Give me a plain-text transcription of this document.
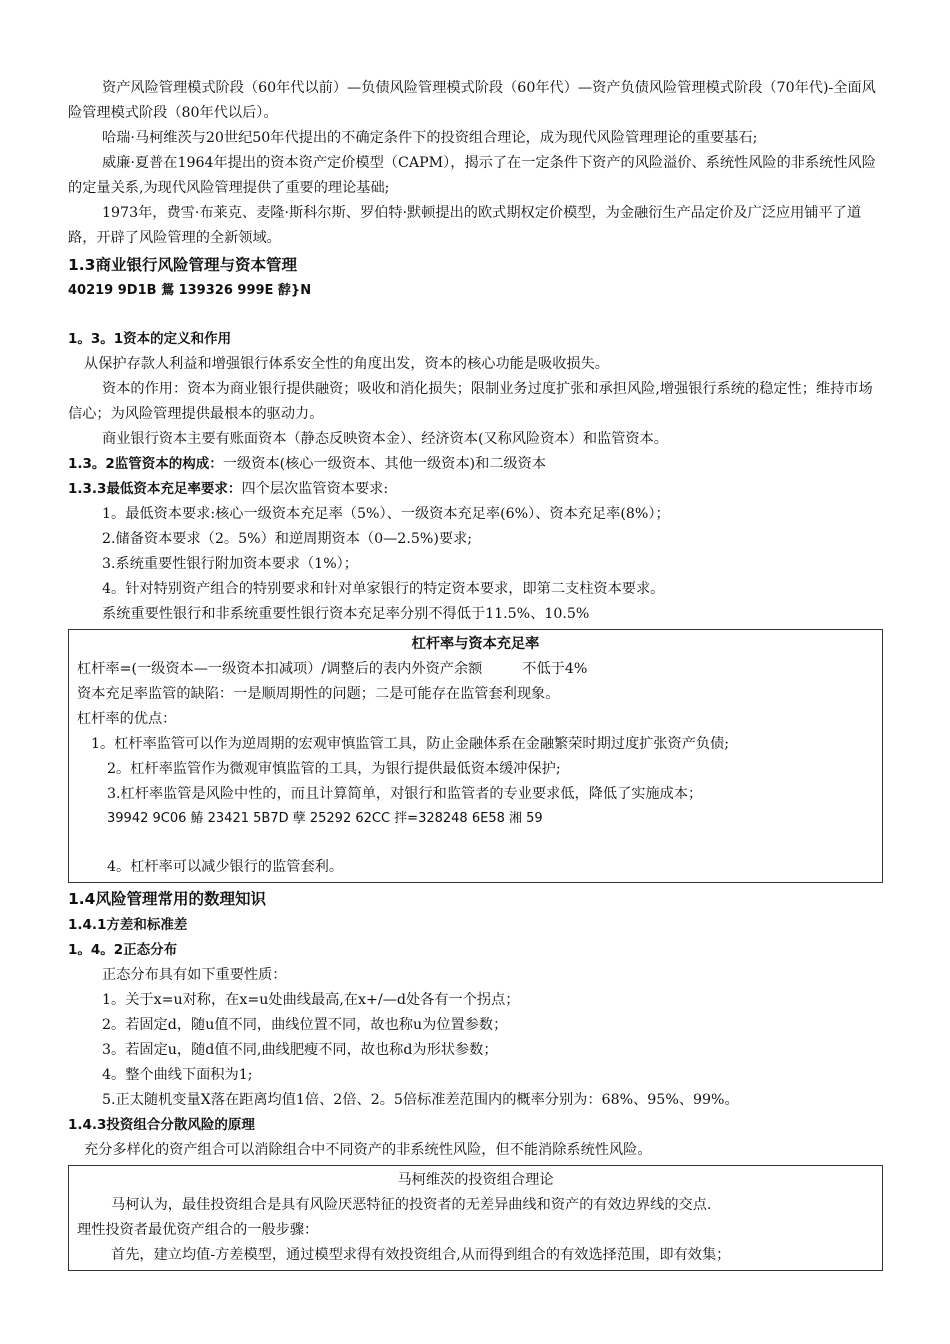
资产风险管理模式阶段（60年代以前）—负债风险管理模式阶段（60年代）—资产负债风险管理模式阶段（70年代)-全面风险管理模式阶段（80年代以后）。
哈瑞·马柯维茨与20世纪50年代提出的不确定条件下的投资组合理论，成为现代风险管理理论的重要基石;
威廉·夏普在1964年提出的资本资产定价模型（CAPM），揭示了在一定条件下资产的风险溢价、系统性风险的非系统性风险的定量关系,为现代风险管理提供了重要的理论基础;
1973年，费雪·布莱克、麦隆·斯科尔斯、罗伯特·默顿提出的欧式期权定价模型，为金融衍生产品定价及广泛应用铺平了道路，开辟了风险管理的全新领域。
1.3商业银行风险管理与资本管理
40219 9D1B 鴛 139326 999E 馞}N
1。3。1资本的定义和作用
从保护存款人利益和增强银行体系安全性的角度出发，资本的核心功能是吸收损失。
资本的作用：资本为商业银行提供融资；吸收和消化损失；限制业务过度扩张和承担风险,增强银行系统的稳定性；维持市场信心；为风险管理提供最根本的驱动力。
商业银行资本主要有账面资本（静态反映资本金）、经济资本(又称风险资本）和监管资本。
1.3。2监管资本的构成：一级资本(核心一级资本、其他一级资本)和二级资本
1.3.3最低资本充足率要求：四个层次监管资本要求:
1。最低资本要求:核心一级资本充足率（5%）、一级资本充足率(6%）、资本充足率(8%）；
2.储备资本要求（2。5%）和逆周期资本（0—2.5%)要求;
3.系统重要性银行附加资本要求（1%）；
4。针对特别资产组合的特别要求和针对单家银行的特定资本要求，即第二支柱资本要求。
系统重要性银行和非系统重要性银行资本充足率分别不得低于11.5%、10.5%
杠杆率与资本充足率
杠杆率=(一级资本—一级资本扣减项）/调整后的表内外资产余额	不低于4%
资本充足率监管的缺陷：一是顺周期性的问题；二是可能存在监管套利现象。
杠杆率的优点：
1。杠杆率监管可以作为逆周期的宏观审慎监管工具，防止金融体系在金融繁荣时期过度扩张资产负债;
2。杠杆率监管作为微观审慎监管的工具，为银行提供最低资本缓冲保护;
3.杠杆率监管是风险中性的，而且计算简单，对银行和监管者的专业要求低，降低了实施成本；
39942 9C06 鰆 23421 5B7D 孽 25292 62CC 拌=328248 6E58 湘 59
4。杠杆率可以减少银行的监管套利。
1.4风险管理常用的数理知识
1.4.1方差和标准差
1。4。2正态分布
正态分布具有如下重要性质：
1。关于x=u对称，在x=u处曲线最高,在x+/—d处各有一个拐点；
2。若固定d，随u值不同，曲线位置不同，故也称u为位置参数；
3。若固定u，随d值不同,曲线肥瘦不同，故也称d为形状参数；
4。整个曲线下面积为1;
5.正太随机变量X落在距离均值1倍、2倍、2。5倍标准差范围内的概率分别为：68%、95%、99%。
1.4.3投资组合分散风险的原理
充分多样化的资产组合可以消除组合中不同资产的非系统性风险，但不能消除系统性风险。
马柯维茨的投资组合理论
马柯认为，最佳投资组合是具有风险厌恶特征的投资者的无差异曲线和资产的有效边界线的交点.
理性投资者最优资产组合的一般步骤：
首先，建立均值-方差模型，通过模型求得有效投资组合,从而得到组合的有效选择范围，即有效集；
